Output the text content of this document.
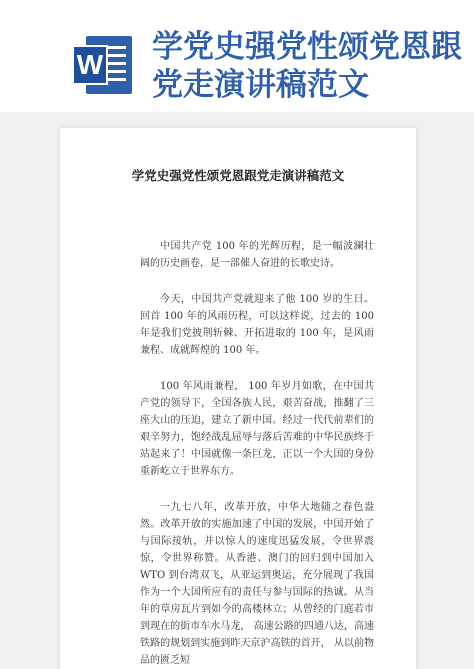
W 学党史强党性颂党恩跟党走演讲稿范文
学党史强党性颂党恩跟党走演讲稿范文

中国共产党 100 年的光辉历程，是一幅波澜壮阔的历史画卷，是一部催人奋进的长歌史诗。

今天，中国共产党就迎来了他 100 岁的生日。回首 100 年的风雨历程，可以这样说，过去的 100 年是我们党披荆斩棘、开拓进取的 100 年，是风雨兼程、成就辉煌的 100 年。

100 年风雨兼程， 100 年岁月如歌，在中国共产党的领导下，全国各族人民，艰苦奋战，推翻了三座大山的压迫，建立了新中国。经过一代代前辈们的艰辛努力，饱经战乱屈辱与落后苦难的中华民族终于站起来了！中国就像一条巨龙，正以一个大国的身份重新屹立于世界东方。

一九七八年，改革开放，中华大地随之春色盎然。改革开放的实施加速了中国的发展，中国开始了与国际接轨，并以惊人的速度迅猛发展，令世界震惊，令世界称赞。从香港、澳门的回归到中国加入 WTO 到台湾双飞，从亚运到奥运，充分展现了我国作为一个大国所应有的责任与参与国际的热诚。从当年的草房瓦片到如今的高楼林立；从曾经的门庭若市到现在的街市车水马龙， 高速公路的四通八达，高速铁路的规划到实施到昨天京沪高铁的首开， 从以前物品的匮乏短
